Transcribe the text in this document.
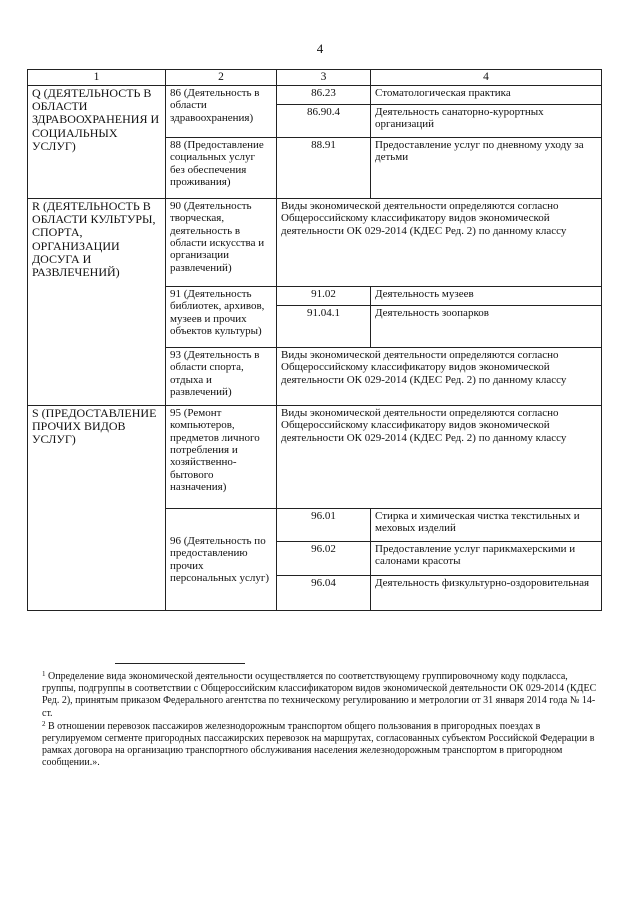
4
1	2	3	4
Q (ДЕЯТЕЛЬНОСТЬ В ОБЛАСТИ ЗДРАВООХРАНЕНИЯ И СОЦИАЛЬНЫХ УСЛУГ)	86 (Деятельность в области здравоохранения)	86.23	Стоматологическая практика
		86.90.4	Деятельность санаторно-курортных организаций
	88 (Предоставление социальных услуг без обеспечения проживания)	88.91	Предоставление услуг по дневному уходу за детьми
R (ДЕЯТЕЛЬНОСТЬ В ОБЛАСТИ КУЛЬТУРЫ, СПОРТА, ОРГАНИЗАЦИИ ДОСУГА И РАЗВЛЕЧЕНИЙ)	90 (Деятельность творческая, деятельность в области искусства и организации развлечений)	Виды экономической деятельности определяются согласно Общероссийскому классификатору видов экономической деятельности ОК 029-2014 (КДЕС Ред. 2) по данному классу	
	91 (Деятельность библиотек, архивов, музеев и прочих объектов культуры)	91.02	Деятельность музеев
		91.04.1	Деятельность зоопарков
	93 (Деятельность в области спорта, отдыха и развлечений)	Виды экономической деятельности определяются согласно Общероссийскому классификатору видов экономической деятельности ОК 029-2014 (КДЕС Ред. 2) по данному классу	
S (ПРЕДОСТАВЛЕНИЕ ПРОЧИХ ВИДОВ УСЛУГ)	95 (Ремонт компьютеров, предметов личного потребления и хозяйственно-бытового назначения)	Виды экономической деятельности определяются согласно Общероссийскому классификатору видов экономической деятельности ОК 029-2014 (КДЕС Ред. 2) по данному классу	
	96 (Деятельность по предоставлению прочих персональных услуг)	96.01	Стирка и химическая чистка текстильных и меховых изделий
		96.02	Предоставление услуг парикмахерскими и салонами красоты
		96.04	Деятельность физкультурно-оздоровительная

$^1$ Определение вида экономической деятельности осуществляется по соответствующему группировочному коду подкласса, группы, подгруппы в соответствии с Общероссийским классификатором видов экономической деятельности ОК 029-2014 (КДЕС Ред. 2), принятым приказом Федерального агентства по техническому регулированию и метрологии от 31 января 2014 года № 14-ст.

$^2$ В отношении перевозок пассажиров железнодорожным транспортом общего пользования в пригородных поездах в регулируемом сегменте пригородных пассажирских перевозок на маршрутах, согласованных субъектом Российской Федерации в рамках договора на организацию транспортного обслуживания населения железнодорожным транспортом в пригородном сообщении.».
